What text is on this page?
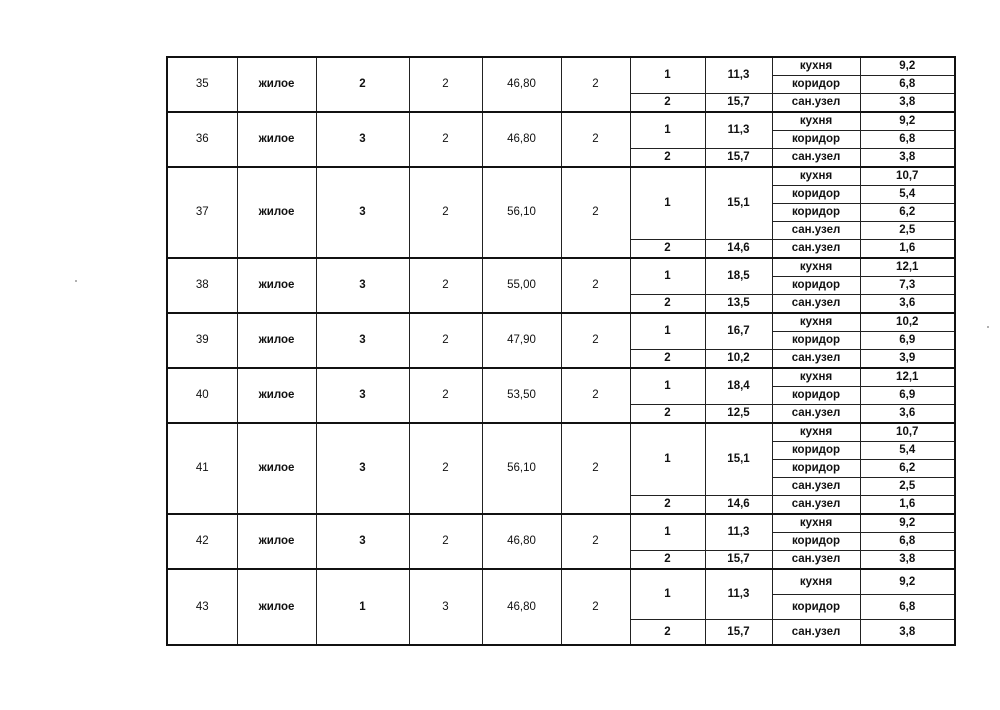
35	жилое	2	2	46,80	2	1	11,3	кухня	9,2
								коридор	6,8
						2	15,7	сан.узел	3,8
36	жилое	3	2	46,80	2	1	11,3	кухня	9,2
								коридор	6,8
						2	15,7	сан.узел	3,8
37	жилое	3	2	56,10	2	1	15,1	кухня	10,7
								коридор	5,4
								коридор	6,2
								сан.узел	2,5
						2	14,6	сан.узел	1,6
38	жилое	3	2	55,00	2	1	18,5	кухня	12,1
								коридор	7,3
						2	13,5	сан.узел	3,6
39	жилое	3	2	47,90	2	1	16,7	кухня	10,2
								коридор	6,9
						2	10,2	сан.узел	3,9
40	жилое	3	2	53,50	2	1	18,4	кухня	12,1
								коридор	6,9
						2	12,5	сан.узел	3,6
41	жилое	3	2	56,10	2	1	15,1	кухня	10,7
								коридор	5,4
								коридор	6,2
								сан.узел	2,5
						2	14,6	сан.узел	1,6
42	жилое	3	2	46,80	2	1	11,3	кухня	9,2
								коридор	6,8
						2	15,7	сан.узел	3,8
43	жилое	1	3	46,80	2	1	11,3	кухня	9,2
								коридор	6,8
						2	15,7	сан.узел	3,8
